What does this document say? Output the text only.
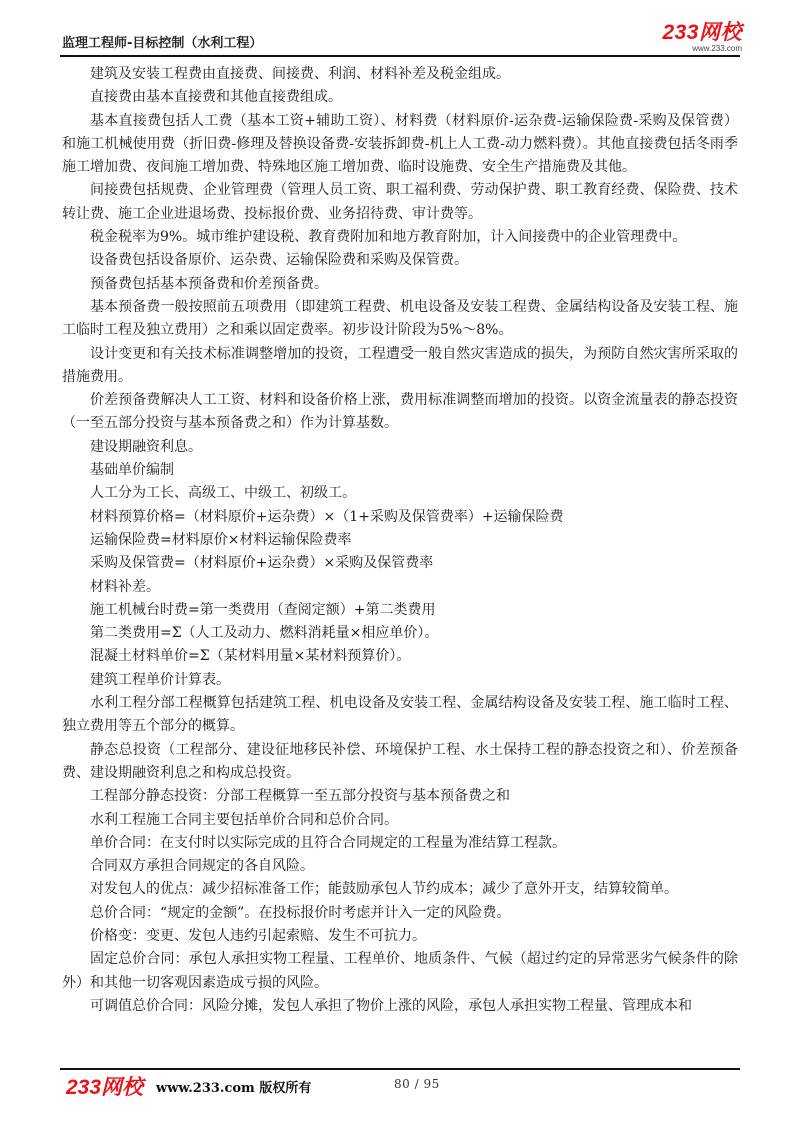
监理工程师-目标控制（水利工程）	233网校
www.233.com

建筑及安装工程费由直接费、间接费、利润、材料补差及税金组成。

直接费由基本直接费和其他直接费组成。

基本直接费包括人工费（基本工资+辅助工资）、材料费（材料原价-运杂费-运输保险费-采购及保管费）和施工机械使用费（折旧费-修理及替换设备费-安装拆卸费-机上人工费-动力燃料费）。其他直接费包括冬雨季施工增加费、夜间施工增加费、特殊地区施工增加费、临时设施费、安全生产措施费及其他。

间接费包括规费、企业管理费（管理人员工资、职工福利费、劳动保护费、职工教育经费、保险费、技术转让费、施工企业进退场费、投标报价费、业务招待费、审计费等。

税金税率为9%。城市维护建设税、教育费附加和地方教育附加，计入间接费中的企业管理费中。

设备费包括设备原价、运杂费、运输保险费和采购及保管费。

预备费包括基本预备费和价差预备费。

基本预备费一般按照前五项费用（即建筑工程费、机电设备及安装工程费、金属结构设备及安装工程、施工临时工程及独立费用）之和乘以固定费率。初步设计阶段为5%～8%。

设计变更和有关技术标准调整增加的投资，工程遭受一般自然灾害造成的损失，为预防自然灾害所采取的措施费用。

价差预备费解决人工工资、材料和设备价格上涨，费用标准调整而增加的投资。以资金流量表的静态投资（一至五部分投资与基本预备费之和）作为计算基数。

建设期融资利息。

基础单价编制

人工分为工长、高级工、中级工、初级工。

材料预算价格=（材料原价+运杂费）×（1+采购及保管费率）+运输保险费

运输保险费=材料原价×材料运输保险费率

采购及保管费=（材料原价+运杂费）×采购及保管费率

材料补差。

施工机械台时费=第一类费用（查阅定额）+第二类费用

第二类费用=Σ（人工及动力、燃料消耗量×相应单价）。

混凝土材料单价=Σ（某材料用量×某材料预算价）。

建筑工程单价计算表。

水利工程分部工程概算包括建筑工程、机电设备及安装工程、金属结构设备及安装工程、施工临时工程、独立费用等五个部分的概算。

静态总投资（工程部分、建设征地移民补偿、环境保护工程、水土保持工程的静态投资之和）、价差预备费、建设期融资利息之和构成总投资。

工程部分静态投资：分部工程概算一至五部分投资与基本预备费之和

水利工程施工合同主要包括单价合同和总价合同。

单价合同：在支付时以实际完成的且符合合同规定的工程量为准结算工程款。

合同双方承担合同规定的各自风险。

对发包人的优点：减少招标准备工作；能鼓励承包人节约成本；减少了意外开支，结算较简单。

总价合同：“规定的金额”。在投标报价时考虑并计入一定的风险费。

价格变：变更、发包人违约引起索赔、发生不可抗力。

固定总价合同：承包人承担实物工程量、工程单价、地质条件、气候（超过约定的异常恶劣气候条件的除外）和其他一切客观因素造成亏损的风险。

可调值总价合同：风险分摊，发包人承担了物价上涨的风险，承包人承担实物工程量、管理成本和

233网校 www.233.com 版权所有	80 / 95
